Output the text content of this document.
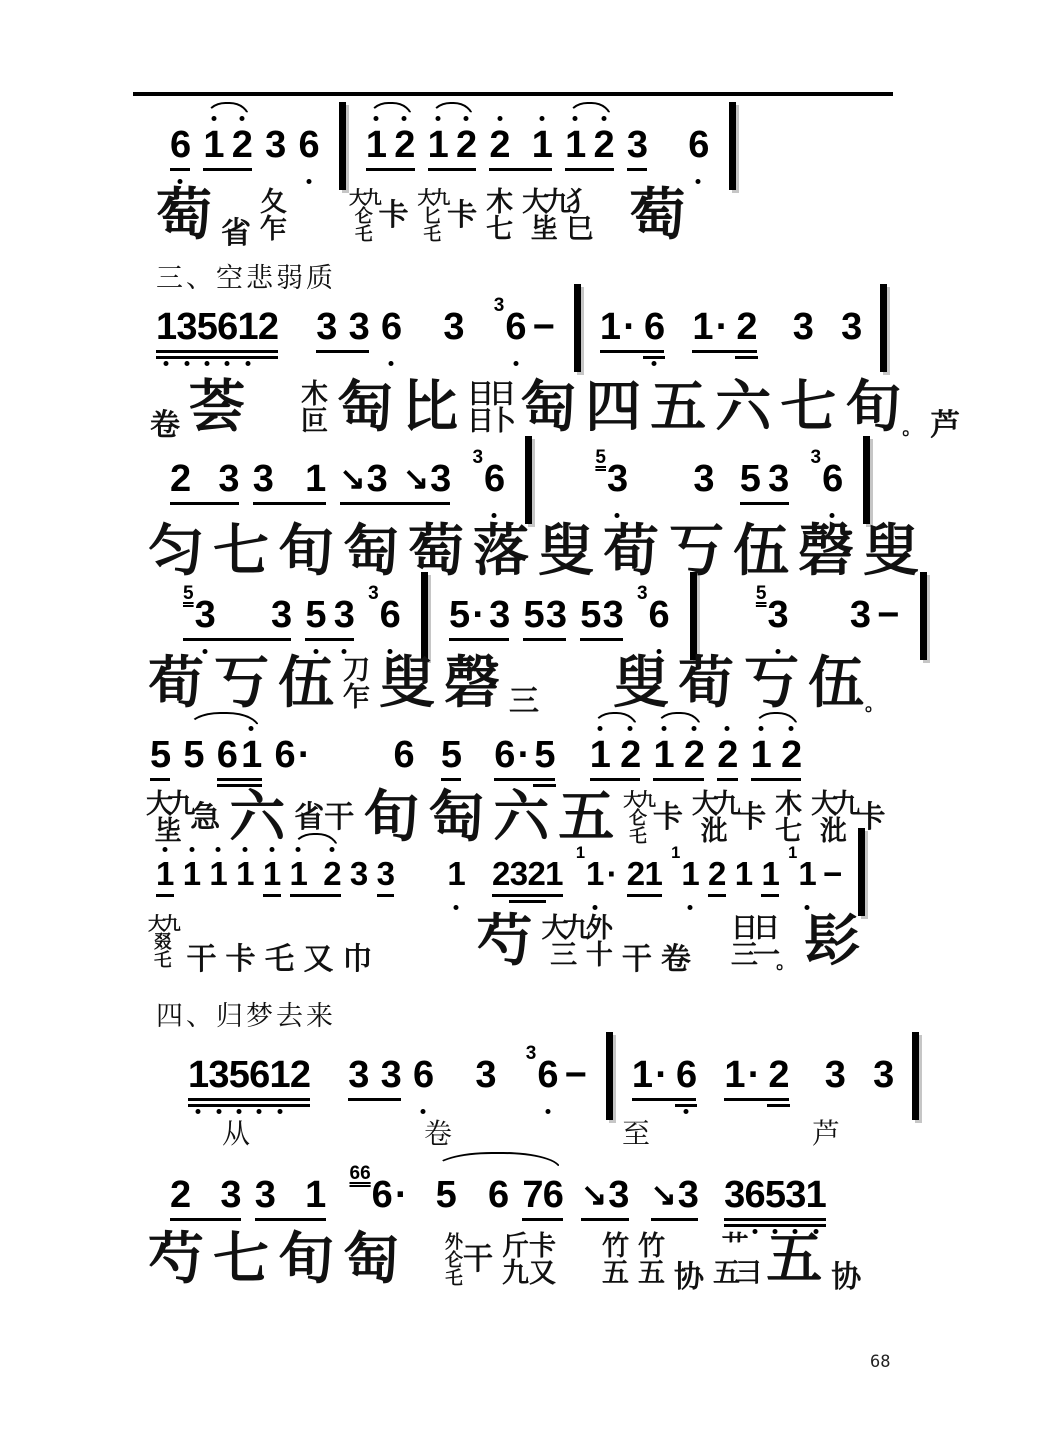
三、空悲弱质
四、归梦去来
6 1 2 3 6 1 2 1 2 2 1 1 2 3 6
1 3 5 6 1 2 3 3 6 3
3
6 − 1 · 6 1 · 2 3 3
2 3 3 1 ↘ 3 ↘ 3
3
6
5
3 3 5 3
3
6
5
3 3 5 3
3
6 5 · 3 5 3 5 3
3
6
5
3 3 −
5 5 6 1 6 · 6 5 6 · 5 1 2 1 2 2 1 2
1 1 1 1 1 1 2 3 3 1 2 3 2 1
1
1 · 2 1
1
1 2 1 1
1
1 −
1 3 5 6 1 2 3 3 6 3
3
6 − 1 · 6 1 · 2 3 3
2 3 3 1
66
6 · 5 6 7 6 ↘ 3 ↘ 3 3 6 5 3 1
萄 省
夂
乍
大九
仑
乇
卡
大九
匕
乇
卡 木
七
大九
坒
犭
巳 萄
卷 荟 木
叵 匋 比 日日
日卜 匋 四 五 六 七 旬 。 芦
匀 七 旬 匋 萄 落 叟 荀 丂 伍 磬 叟
荀 丂 伍 刀
乍 叟 磬 三 叟 荀 丂 伍 。
大九
坒 急 六 省 干 旬 匋 六 五 大九
仑
乇
卡 大九
沘 卡 木
七
大九
沘 卡
大九
叕
乇 干 卡 乇 又 巾 芍 大九
三
外
十 干 卷
日日
三一 。 髟
芍 七 旬 匋	外
仑
乇
干 斤
九
卡
又
竹
五
竹
五 协
艹
五彐 五 协
从	卷	至	芦
68
